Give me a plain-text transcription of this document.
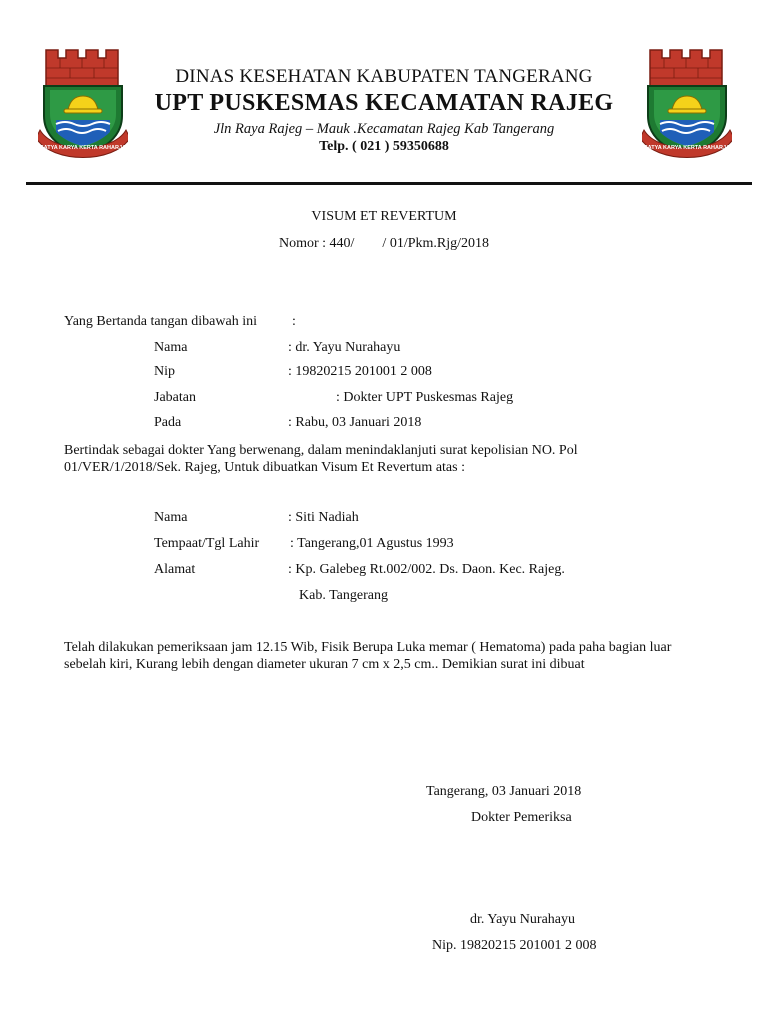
DINAS KESEHATAN KABUPATEN TANGERANG
UPT PUSKESMAS KECAMATAN RAJEG
Jln Raya Rajeg – Mauk .Kecamatan Rajeg Kab Tangerang
Telp. ( 021 ) 59350688
VISUM ET REVERTUM
Nomor : 440/        / 01/Pkm.Rjg/2018
Yang Bertanda tangan dibawah ini	:
Nama	: dr. Yayu Nurahayu
Nip	: 19820215 201001 2 008
Jabatan	: Dokter UPT Puskesmas Rajeg
Pada	: Rabu, 03 Januari 2018
Bertindak sebagai dokter Yang berwenang, dalam menindaklanjuti surat kepolisian NO. Pol 01/VER/1/2018/Sek. Rajeg, Untuk dibuatkan Visum Et Revertum atas :
Nama	: Siti Nadiah
Tempaat/Tgl Lahir : Tangerang,01 Agustus 1993
Alamat	: Kp. Galebeg Rt.002/002. Ds. Daon. Kec. Rajeg.
Kab. Tangerang
Telah dilakukan pemeriksaan jam 12.15 Wib, Fisik Berupa Luka memar ( Hematoma) pada paha bagian luar sebelah kiri, Kurang lebih dengan diameter ukuran 7 cm x 2,5 cm.. Demikian surat ini dibuat
Tangerang, 03 Januari 2018
Dokter Pemeriksa
dr. Yayu Nurahayu
Nip. 19820215 201001 2 008
